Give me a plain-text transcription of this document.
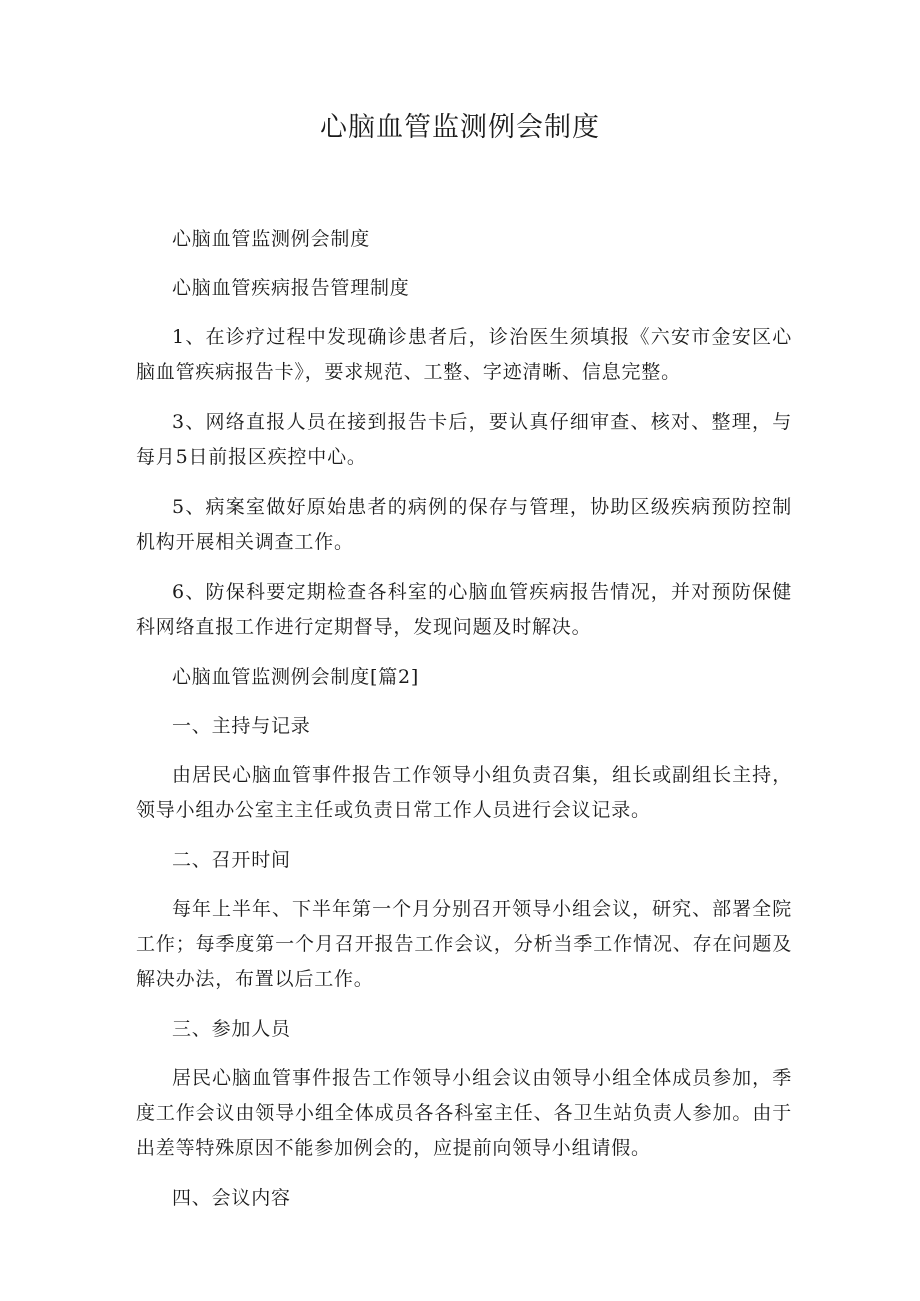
心脑血管监测例会制度

心脑血管监测例会制度

心脑血管疾病报告管理制度

1、在诊疗过程中发现确诊患者后，诊治医生须填报《六安市金安区心脑血管疾病报告卡》，要求规范、工整、字迹清晰、信息完整。

3、网络直报人员在接到报告卡后，要认真仔细审查、核对、整理，与每月5日前报区疾控中心。

5、病案室做好原始患者的病例的保存与管理，协助区级疾病预防控制机构开展相关调查工作。

6、防保科要定期检查各科室的心脑血管疾病报告情况，并对预防保健科网络直报工作进行定期督导，发现问题及时解决。

心脑血管监测例会制度[篇2]

一、主持与记录

由居民心脑血管事件报告工作领导小组负责召集，组长或副组长主持，领导小组办公室主主任或负责日常工作人员进行会议记录。

二、召开时间

每年上半年、下半年第一个月分别召开领导小组会议，研究、部署全院工作；每季度第一个月召开报告工作会议，分析当季工作情况、存在问题及解决办法，布置以后工作。

三、参加人员

居民心脑血管事件报告工作领导小组会议由领导小组全体成员参加，季度工作会议由领导小组全体成员各各科室主任、各卫生站负责人参加。由于出差等特殊原因不能参加例会的，应提前向领导小组请假。

四、会议内容
